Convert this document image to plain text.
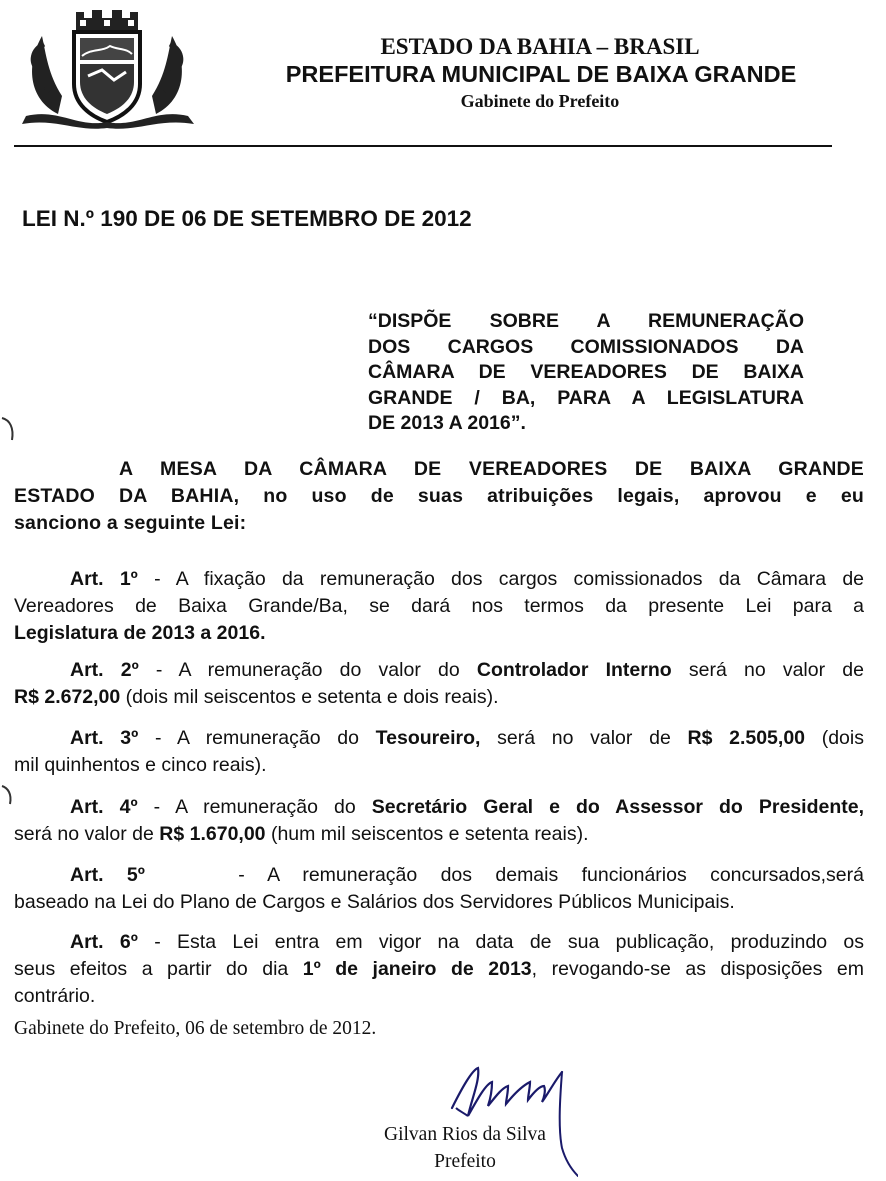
ESTADO DA BAHIA – BRASIL
PREFEITURA MUNICIPAL DE BAIXA GRANDE
Gabinete do Prefeito
LEI N.º 190 DE 06 DE SETEMBRO DE 2012
“DISPÕE SOBRE A REMUNERAÇÃO
DOS CARGOS COMISSIONADOS DA
CÂMARA DE VEREADORES DE BAIXA
GRANDE / BA, PARA A LEGISLATURA
DE 2013 A 2016”.
A MESA DA CÂMARA DE VEREADORES DE BAIXA GRANDE
ESTADO DA BAHIA, no uso de suas atribuições legais, aprovou e eu
sanciono a seguinte Lei:
Art. 1º - A fixação da remuneração dos cargos comissionados da Câmara de
Vereadores de Baixa Grande/Ba, se dará nos termos da presente Lei para a
Legislatura de 2013 a 2016.
Art. 2º - A remuneração do valor do Controlador Interno será no valor de
R$ 2.672,00 (dois mil seiscentos e setenta e dois reais).
Art. 3º - A remuneração do Tesoureiro, será no valor de R$ 2.505,00 (dois
mil quinhentos e cinco reais).
Art. 4º - A remuneração do Secretário Geral e do Assessor do Presidente,
será no valor de R$ 1.670,00 (hum mil seiscentos e setenta reais).
Art. 5º    - A remuneração dos demais funcionários concursados,será
baseado na Lei do Plano de Cargos e Salários dos Servidores Públicos Municipais.
Art. 6º - Esta Lei entra em vigor na data de sua publicação, produzindo os
seus efeitos a partir do dia 1º de janeiro de 2013, revogando-se as disposições em
contrário.
Gabinete do Prefeito, 06 de setembro de 2012.
Gilvan Rios da Silva
Prefeito
